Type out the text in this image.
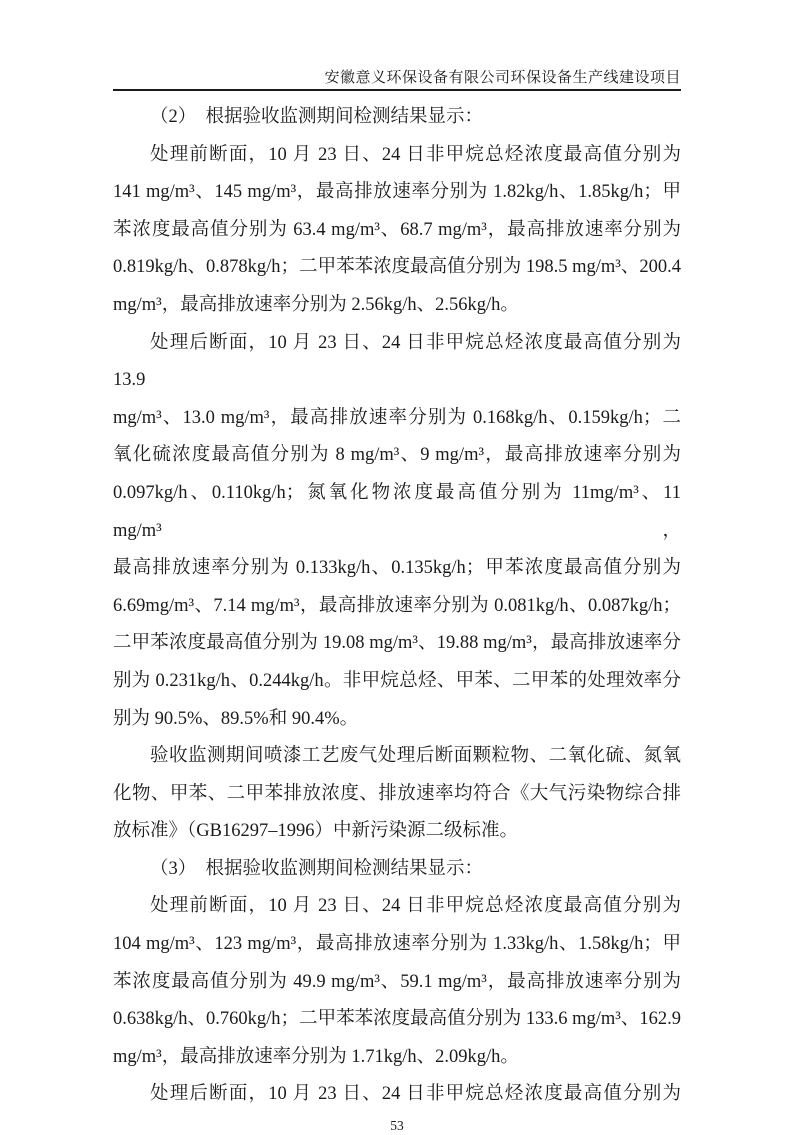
安徽意义环保设备有限公司环保设备生产线建设项目
（2）　根据验收监测期间检测结果显示：
处理前断面，10 月 23 日、24 日非甲烷总烃浓度最高值分别为
141 mg/m³、145 mg/m³，最高排放速率分别为 1.82kg/h、1.85kg/h；甲
苯浓度最高值分别为 63.4 mg/m³、68.7 mg/m³，最高排放速率分别为
0.819kg/h、0.878kg/h；二甲苯苯浓度最高值分别为 198.5 mg/m³、200.4
mg/m³，最高排放速率分别为 2.56kg/h、2.56kg/h。
处理后断面，10 月 23 日、24 日非甲烷总烃浓度最高值分别为 13.9
mg/m³、13.0 mg/m³，最高排放速率分别为 0.168kg/h、0.159kg/h；二
氧化硫浓度最高值分别为 8 mg/m³、9 mg/m³，最高排放速率分别为
0.097kg/h、0.110kg/h；氮氧化物浓度最高值分别为 11mg/m³、11 mg/m³，
最高排放速率分别为 0.133kg/h、0.135kg/h；甲苯浓度最高值分别为
6.69mg/m³、7.14 mg/m³，最高排放速率分别为 0.081kg/h、0.087kg/h；
二甲苯浓度最高值分别为 19.08 mg/m³、19.88 mg/m³，最高排放速率分
别为 0.231kg/h、0.244kg/h。非甲烷总烃、甲苯、二甲苯的处理效率分
别为 90.5%、89.5%和 90.4%。
验收监测期间喷漆工艺废气处理后断面颗粒物、二氧化硫、氮氧
化物、甲苯、二甲苯排放浓度、排放速率均符合《大气污染物综合排
放标准》（GB16297–1996）中新污染源二级标准。
（3）　根据验收监测期间检测结果显示：
处理前断面，10 月 23 日、24 日非甲烷总烃浓度最高值分别为
104 mg/m³、123 mg/m³，最高排放速率分别为 1.33kg/h、1.58kg/h；甲
苯浓度最高值分别为 49.9 mg/m³、59.1 mg/m³，最高排放速率分别为
0.638kg/h、0.760kg/h；二甲苯苯浓度最高值分别为 133.6 mg/m³、162.9
mg/m³，最高排放速率分别为 1.71kg/h、2.09kg/h。
处理后断面，10 月 23 日、24 日非甲烷总烃浓度最高值分别为
53
